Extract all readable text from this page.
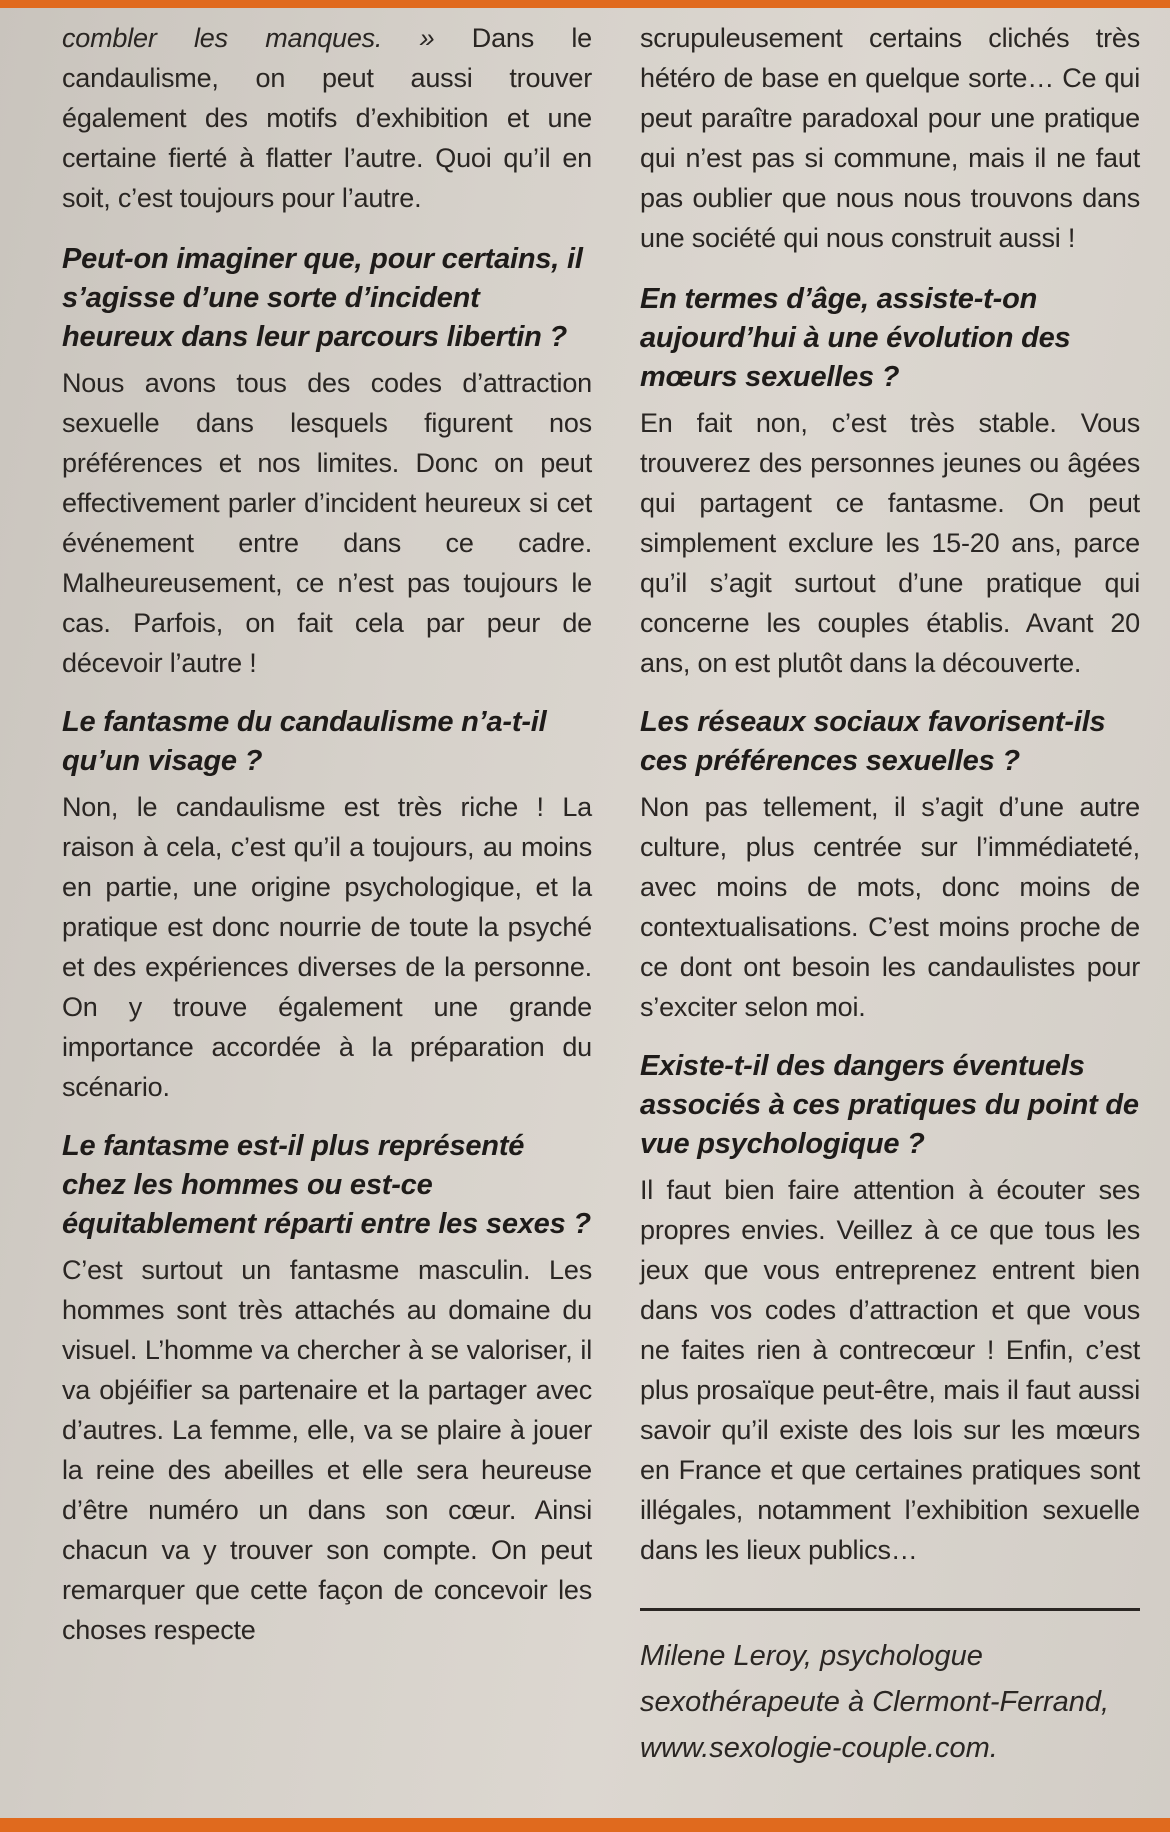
combler les manques. » Dans le candaulisme, on peut aussi trouver également des motifs d’exhibition et une certaine fierté à flatter l’autre. Quoi qu’il en soit, c’est toujours pour l’autre.

Peut-on imaginer que, pour certains, il s’agisse d’une sorte d’incident heureux dans leur parcours libertin ?

Nous avons tous des codes d’attraction sexuelle dans lesquels figurent nos préférences et nos limites. Donc on peut effectivement parler d’incident heureux si cet événement entre dans ce cadre. Malheureusement, ce n’est pas toujours le cas. Parfois, on fait cela par peur de décevoir l’autre !

Le fantasme du candaulisme n’a-t-il qu’un visage ?

Non, le candaulisme est très riche ! La raison à cela, c’est qu’il a toujours, au moins en partie, une origine psychologique, et la pratique est donc nourrie de toute la psyché et des expériences diverses de la personne. On y trouve également une grande importance accordée à la préparation du scénario.

Le fantasme est-il plus représenté chez les hommes ou est-ce équitablement réparti entre les sexes ?

C’est surtout un fantasme masculin. Les hommes sont très attachés au domaine du visuel. L’homme va chercher à se valoriser, il va objéifier sa partenaire et la partager avec d’autres. La femme, elle, va se plaire à jouer la reine des abeilles et elle sera heureuse d’être numéro un dans son cœur. Ainsi chacun va y trouver son compte. On peut remarquer que cette façon de concevoir les choses respecte

scrupuleusement certains clichés très hétéro de base en quelque sorte… Ce qui peut paraître paradoxal pour une pratique qui n’est pas si commune, mais il ne faut pas oublier que nous nous trouvons dans une société qui nous construit aussi !

En termes d’âge, assiste-t-on aujourd’hui à une évolution des mœurs sexuelles ?

En fait non, c’est très stable. Vous trouverez des personnes jeunes ou âgées qui partagent ce fantasme. On peut simplement exclure les 15-20 ans, parce qu’il s’agit surtout d’une pratique qui concerne les couples établis. Avant 20 ans, on est plutôt dans la découverte.

Les réseaux sociaux favorisent-ils ces préférences sexuelles ?

Non pas tellement, il s’agit d’une autre culture, plus centrée sur l’immédiateté, avec moins de mots, donc moins de contextualisations. C’est moins proche de ce dont ont besoin les candaulistes pour s’exciter selon moi.

Existe-t-il des dangers éventuels associés à ces pratiques du point de vue psychologique ?

Il faut bien faire attention à écouter ses propres envies. Veillez à ce que tous les jeux que vous entreprenez entrent bien dans vos codes d’attraction et que vous ne faites rien à contrecœur ! Enfin, c’est plus prosaïque peut-être, mais il faut aussi savoir qu’il existe des lois sur les mœurs en France et que certaines pratiques sont illégales, notamment l’exhibition sexuelle dans les lieux publics…

Milene Leroy, psychologue

sexothérapeute à Clermont-Ferrand,

www.sexologie-couple.com.
